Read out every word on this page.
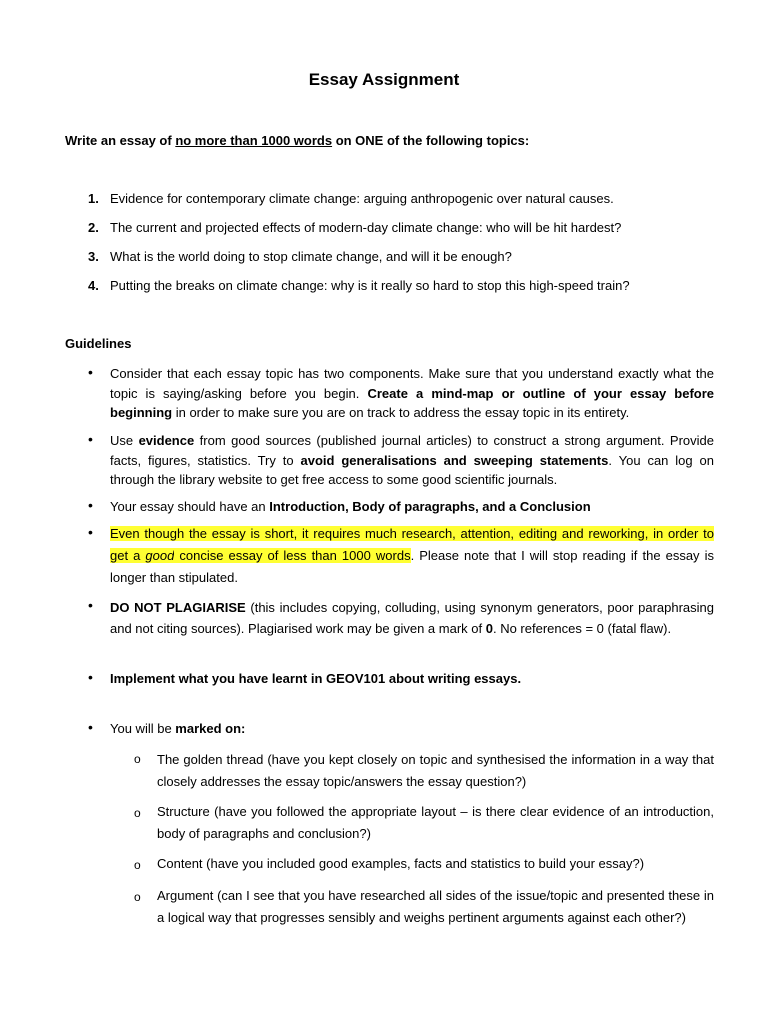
Essay Assignment
Write an essay of no more than 1000 words on ONE of the following topics:
1. Evidence for contemporary climate change: arguing anthropogenic over natural causes.
2. The current and projected effects of modern-day climate change: who will be hit hardest?
3. What is the world doing to stop climate change, and will it be enough?
4. Putting the breaks on climate change: why is it really so hard to stop this high-speed train?
Guidelines
• Consider that each essay topic has two components. Make sure that you understand exactly what the topic is saying/asking before you begin. Create a mind-map or outline of your essay before beginning in order to make sure you are on track to address the essay topic in its entirety.
• Use evidence from good sources (published journal articles) to construct a strong argument. Provide facts, figures, statistics. Try to avoid generalisations and sweeping statements. You can log on through the library website to get free access to some good scientific journals.
• Your essay should have an Introduction, Body of paragraphs, and a Conclusion
• Even though the essay is short, it requires much research, attention, editing and reworking, in order to get a good concise essay of less than 1000 words. Please note that I will stop reading if the essay is longer than stipulated.
• DO NOT PLAGIARISE (this includes copying, colluding, using synonym generators, poor paraphrasing and not citing sources). Plagiarised work may be given a mark of 0. No references = 0 (fatal flaw).
• Implement what you have learnt in GEOV101 about writing essays.
• You will be marked on:
o The golden thread (have you kept closely on topic and synthesised the information in a way that closely addresses the essay topic/answers the essay question?)
o Structure (have you followed the appropriate layout – is there clear evidence of an introduction, body of paragraphs and conclusion?)
o Content (have you included good examples, facts and statistics to build your essay?)
o Argument (can I see that you have researched all sides of the issue/topic and presented these in a logical way that progresses sensibly and weighs pertinent arguments against each other?)
